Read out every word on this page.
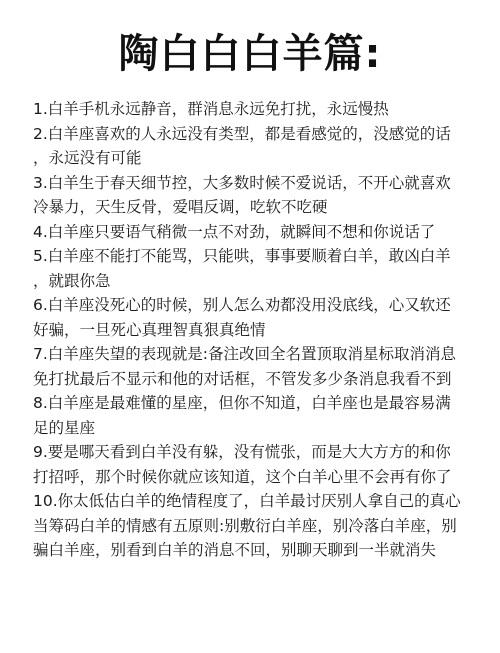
陶白白白羊篇:
1.白羊手机永远静音，群消息永远免打扰，永远慢热
2.白羊座喜欢的人永远没有类型，都是看感觉的，没感觉的话
，永远没有可能
3.白羊生于春天细节控，大多数时候不爱说话，不开心就喜欢
冷暴力，天生反骨，爱唱反调，吃软不吃硬
4.白羊座只要语气稍微一点不对劲，就瞬间不想和你说话了
5.白羊座不能打不能骂，只能哄，事事要顺着白羊，敢凶白羊
，就跟你急
6.白羊座没死心的时候，别人怎么劝都没用没底线，心又软还
好骗，一旦死心真理智真狠真绝情
7.白羊座失望的表现就是:备注改回全名置顶取消星标取消消息
免打扰最后不显示和他的对话框，不管发多少条消息我看不到
8.白羊座是最难懂的星座，但你不知道，白羊座也是最容易满
足的星座
9.要是哪天看到白羊没有躲，没有慌张，而是大大方方的和你
打招呼，那个时候你就应该知道，这个白羊心里不会再有你了
10.你太低估白羊的绝情程度了，白羊最讨厌别人拿自己的真心
当筹码白羊的情感有五原则:别敷衍白羊座，别冷落白羊座，别
骗白羊座，别看到白羊的消息不回，别聊天聊到一半就消失
